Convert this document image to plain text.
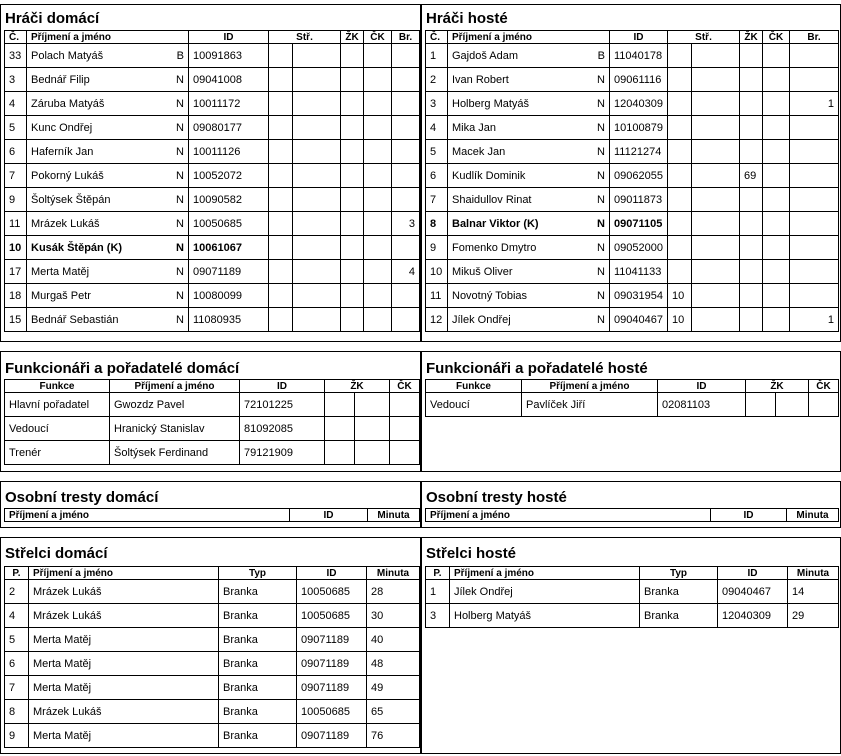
Hráči domácí
Č.	Příjmení a jméno		ID	Stř.		ŽK	ČK	Br.
33	Polach Matyáš	B	10091863					
3	Bednář Filip	N	09041008					
4	Záruba Matyáš	N	10011172					
5	Kunc Ondřej	N	09080177					
6	Haferník Jan	N	10011126					
7	Pokorný Lukáš	N	10052072					
9	Šoltýsek Štěpán	N	10090582					
11	Mrázek Lukáš	N	10050685					3
10	Kusák Štěpán (K)	N	10061067					
17	Merta Matěj	N	09071189					4
18	Murgaš Petr	N	10080099					
15	Bednář Sebastián	N	11080935					
Hráči hosté
Č.	Příjmení a jméno		ID	Stř.		ŽK	ČK	Br.
1	Gajdoš Adam	B	11040178					
2	Ivan Robert	N	09061116					
3	Holberg Matyáš	N	12040309					1
4	Mika Jan	N	10100879					
5	Macek Jan	N	11121274					
6	Kudlík Dominik	N	09062055			69		
7	Shaidullov Rinat	N	09011873					
8	Balnar Viktor (K)	N	09071105					
9	Fomenko Dmytro	N	09052000					
10	Mikuš Oliver	N	11041133					
11	Novotný Tobias	N	09031954	10				
12	Jílek Ondřej	N	09040467	10				1
Funkcionáři a pořadatelé domácí
Funkce	Příjmení a jméno	ID	ŽK		ČK
Hlavní pořadatel	Gwozdz Pavel	72101225			
Vedoucí	Hranický Stanislav	81092085			
Trenér	Šoltýsek Ferdinand	79121909			
Funkcionáři a pořadatelé hosté
Funkce	Příjmení a jméno	ID	ŽK		ČK
Vedoucí	Pavlíček Jiří	02081103			
Osobní tresty domácí
Příjmení a jméno	ID	Minuta
Osobní tresty hosté
Příjmení a jméno	ID	Minuta
Střelci domácí
P.	Příjmení a jméno	Typ	ID	Minuta
2	Mrázek Lukáš	Branka	10050685	28
4	Mrázek Lukáš	Branka	10050685	30
5	Merta Matěj	Branka	09071189	40
6	Merta Matěj	Branka	09071189	48
7	Merta Matěj	Branka	09071189	49
8	Mrázek Lukáš	Branka	10050685	65
9	Merta Matěj	Branka	09071189	76
Střelci hosté
P.	Příjmení a jméno	Typ	ID	Minuta
1	Jílek Ondřej	Branka	09040467	14
3	Holberg Matyáš	Branka	12040309	29
